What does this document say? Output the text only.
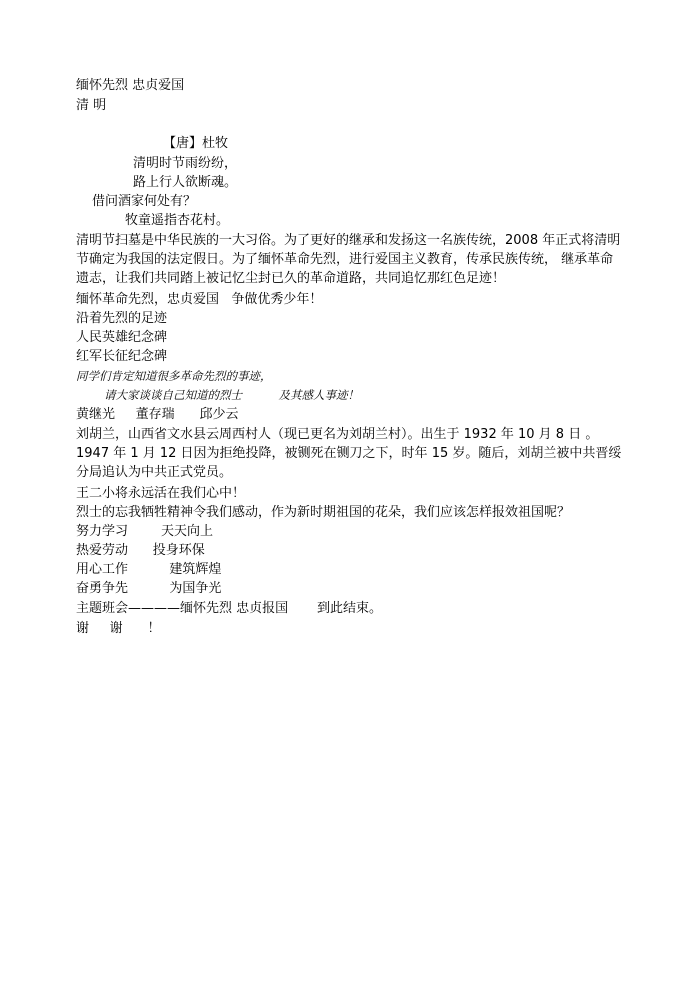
缅怀先烈 忠贞爱国
清 明
【唐】杜牧
清明时节雨纷纷，
路上行人欲断魂。
借问酒家何处有？
牧童遥指杏花村。
清明节扫墓是中华民族的一大习俗。为了更好的继承和发扬这一名族传统，2008 年正式将清明节确定为我国的法定假日。为了缅怀革命先烈，进行爱国主义教育，传承民族传统， 继承革命遗志，让我们共同踏上被记忆尘封已久的革命道路，共同追忆那红色足迹！
缅怀革命先烈，忠贞爱国   争做优秀少年！
沿着先烈的足迹
人民英雄纪念碑
红军长征纪念碑
同学们肯定知道很多革命先烈的事迹，
请大家谈谈自己知道的烈士          及其感人事迹！
黄继光     董存瑞      邱少云
刘胡兰，山西省文水县云周西村人（现已更名为刘胡兰村）。出生于 1932 年 10 月 8 日 。1947 年 1 月 12 日因为拒绝投降，被铡死在铡刀之下，时年 15 岁。随后，刘胡兰被中共晋绥分局追认为中共正式党员。
王二小将永远活在我们心中！
烈士的忘我牺牲精神令我们感动，作为新时期祖国的花朵，我们应该怎样报效祖国呢？
努力学习        天天向上
热爱劳动      投身环保
用心工作          建筑辉煌
奋勇争先          为国争光
主题班会————缅怀先烈 忠贞报国       到此结束。
谢     谢      ！
